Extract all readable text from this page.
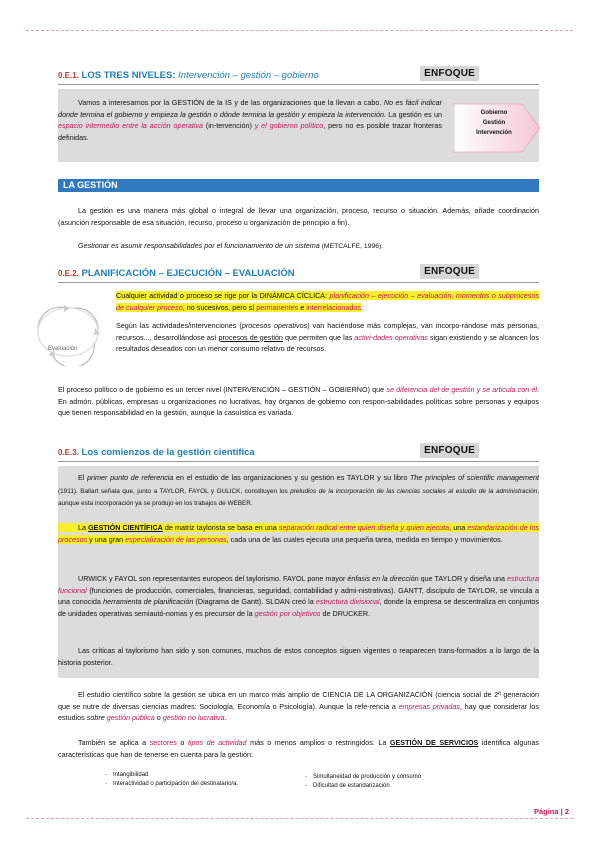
0.E.1. LOS TRES NIVELES: Intervención – gestión – gobierno	ENFOQUE
Vamos a interesarnos por la GESTIÓN de la IS y de las organizaciones que la llevan a cabo. No es fácil indicar donde termina el gobierno y empieza la gestión o dónde termina la gestión y empieza la intervención. La gestión es un espacio intermedio entre la acción operativa (in-tervención) y el gobierno político, pero no es posible trazar fronteras definidas.
Gobierno
Gestión
Intervención
LA GESTIÓN
La gestión es una manera más global o integral de llevar una organización, proceso, recurso o situación. Además, añade coordinación (asunción responsable de esa situación, recurso, proceso u organización de principio a fin).
Gestionar es asumir responsabilidades por el funcionamiento de un sistema (METCALFE, 1996).
0.E.2. PLANIFICACIÓN – EJECUCIÓN – EVALUACIÓN	ENFOQUE
Evaluación
Cualquier actividad o proceso se rige por la DINÁMICA CÍCLICA: planificación – ejecución – evaluación, momentos o subprocesos de cualquier proceso, no sucesivos, pero sí permanentes e interrelacionados.
Según las actividades/intervenciones (procesos operativos) van haciéndose más complejas, van incorpo-rándose más personas, recursos..., desarrollándose así procesos de gestión que permiten que las activi-dades operativas sigan existiendo y se alcancen los resultados deseados con un menor consumo relativo de recursos.
El proceso político o de gobierno es un tercer nivel (INTERVENCIÓN – GESTIÓN – GOBIERNO) que se diferencia del de gestión y se articula con él. En admón. públicas, empresas u organizaciones no lucrativas, hay órganos de gobierno con respon-sabilidades políticas sobre personas y equipos que tienen responsabilidad en la gestión, aunque la casuística es variada.
0.E.3. Los comienzos de la gestión científica	ENFOQUE
El primer punto de referencia en el estudio de las organizaciones y su gestión es TAYLOR y su libro The principles of scientific management (1911). Ballart señala que, junto a TAYLOR, FAYOL y GULICK, constituyen los preludios de la incorporación de las ciencias sociales al estudio de la administración, aunque esta incorporación ya se produjo en los trabajos de WEBER.
La GESTIÓN CIENTÍFICA de matriz taylorista se basa en una separación radical entre quien diseña y quien ejecuta, una estandarización de los procesos y una gran especialización de las personas, cada una de las cuales ejecuta una pequeña tarea, medida en tiempo y movimientos.
URWICK y FAYOL son representantes europeos del taylorismo. FAYOL pone mayor énfasis en la dirección que TAYLOR y diseña una estructura funcional (funciones de producción, comerciales, financieras, seguridad, contabilidad y admi-nistrativas). GANTT, discípulo de TAYLOR, se vincula a una conocida herramienta de planificación (Diagrama de Gantt). SLOAN creó la estructura divisional, donde la empresa se descentraliza en conjuntos de unidades operativas semiautó-nomas y es precursor de la gestión por objetivos de DRUCKER.
Las críticas al taylorismo han sido y son comunes, muchos de estos conceptos siguen vigentes o reaparecen trans-formados a lo largo de la historia posterior.
El estudio científico sobre la gestión se ubica en un marco más amplio de CIENCIA DE LA ORGANIZACIÓN (ciencia social de 2ª generación que se nutre de diversas ciencias madres: Sociología, Economía o Psicología). Aunque la refe-rencia a empresas privadas, hay que considerar los estudios sobre gestión pública o gestión no lucrativa.
También se aplica a sectores o tipos de actividad más o menos amplios o restringidos. La GESTIÓN DE SERVICIOS identifica algunas características que han de tenerse en cuenta para la gestión:
- Intangibilidad
- Interactividad o participación del destinatario/a.
- Simultaneidad de producción y consumo
- Dificultad de estandarización
Página | 2
